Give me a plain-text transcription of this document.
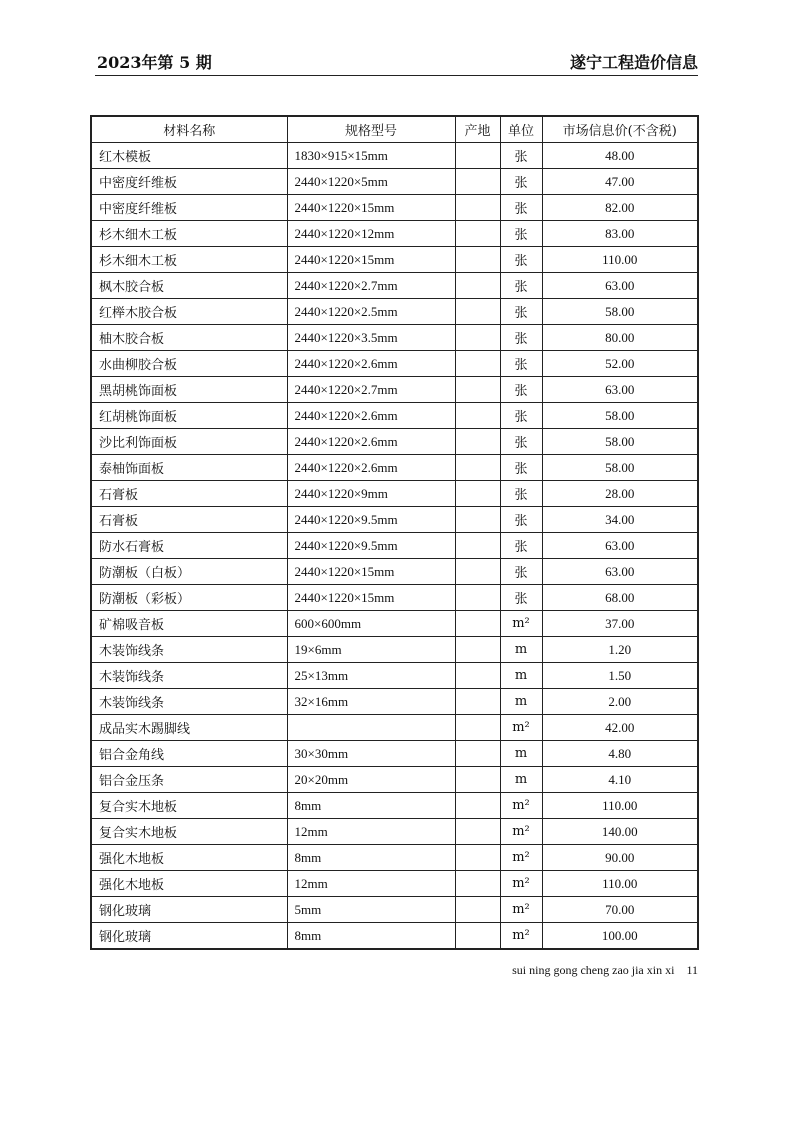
2023年第 5 期	遂宁工程造价信息
材料名称	规格型号	产地	单位	市场信息价(不含税)
红木模板	1830×915×15mm		张	48.00
中密度纤维板	2440×1220×5mm		张	47.00
中密度纤维板	2440×1220×15mm		张	82.00
杉木细木工板	2440×1220×12mm		张	83.00
杉木细木工板	2440×1220×15mm		张	110.00
枫木胶合板	2440×1220×2.7mm		张	63.00
红榉木胶合板	2440×1220×2.5mm		张	58.00
柚木胶合板	2440×1220×3.5mm		张	80.00
水曲柳胶合板	2440×1220×2.6mm		张	52.00
黑胡桃饰面板	2440×1220×2.7mm		张	63.00
红胡桃饰面板	2440×1220×2.6mm		张	58.00
沙比利饰面板	2440×1220×2.6mm		张	58.00
泰柚饰面板	2440×1220×2.6mm		张	58.00
石膏板	2440×1220×9mm		张	28.00
石膏板	2440×1220×9.5mm		张	34.00
防水石膏板	2440×1220×9.5mm		张	63.00
防潮板（白板）	2440×1220×15mm		张	63.00
防潮板（彩板）	2440×1220×15mm		张	68.00
矿棉吸音板	600×600mm		m²	37.00
木装饰线条	19×6mm		m	1.20
木装饰线条	25×13mm		m	1.50
木装饰线条	32×16mm		m	2.00
成品实木踢脚线			m²	42.00
铝合金角线	30×30mm		m	4.80
铝合金压条	20×20mm		m	4.10
复合实木地板	8mm		m²	110.00
复合实木地板	12mm		m²	140.00
强化木地板	8mm		m²	90.00
强化木地板	12mm		m²	110.00
钢化玻璃	5mm		m²	70.00
钢化玻璃	8mm		m²	100.00
sui ning gong cheng zao jia xin xi 11
